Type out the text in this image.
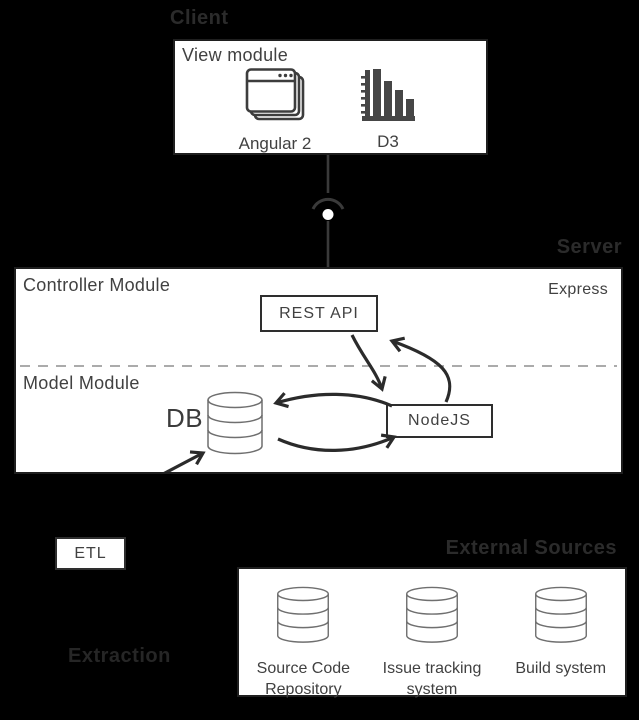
Client
View module
Angular 2	D3
Server
Controller Module	Express
REST API
Model Module
DB	NodeJS
ETL	External Sources
Source Code
Repository
Issue tracking
system
Build system

Extraction
